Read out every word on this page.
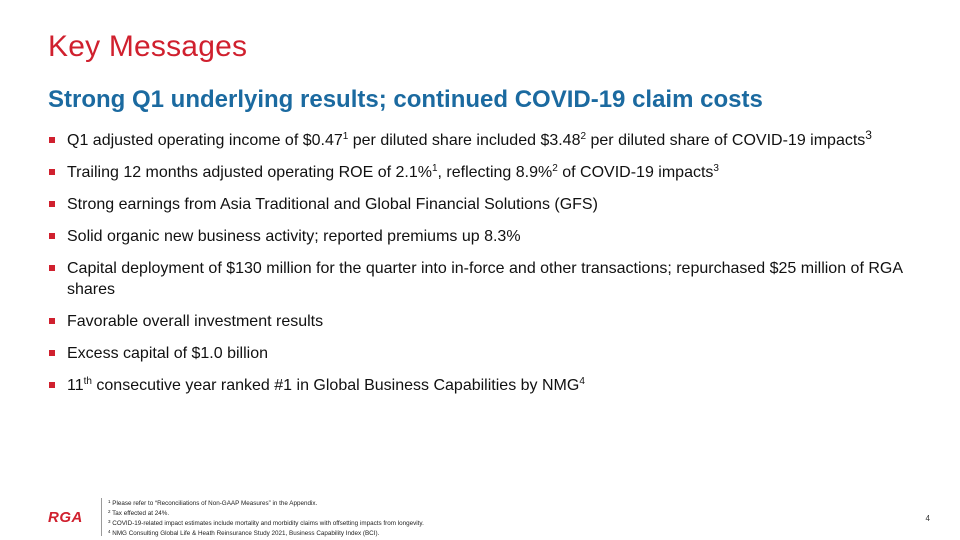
Key Messages
Strong Q1 underlying results; continued COVID-19 claim costs
Q1 adjusted operating income of $0.47$^1$ per diluted share included $3.48$^2$ per diluted share of COVID-19 impacts$^3$
Trailing 12 months adjusted operating ROE of 2.1%$^1$, reflecting 8.9%$^2$ of COVID-19 impacts$^3$
Strong earnings from Asia Traditional and Global Financial Solutions (GFS)
Solid organic new business activity; reported premiums up 8.3%
Capital deployment of $130 million for the quarter into in-force and other transactions; repurchased $25 million of RGA shares
Favorable overall investment results
Excess capital of $1.0 billion
11th consecutive year ranked #1 in Global Business Capabilities by NMG$^4$
RGA
$^1$ Please refer to “Reconciliations of Non-GAAP Measures” in the Appendix.
$^2$ Tax effected at 24%.
$^3$ COVID-19-related impact estimates include mortality and morbidity claims with offsetting impacts from longevity.
$^4$ NMG Consulting Global Life & Heath Reinsurance Study 2021, Business Capability Index (BCI).
4
